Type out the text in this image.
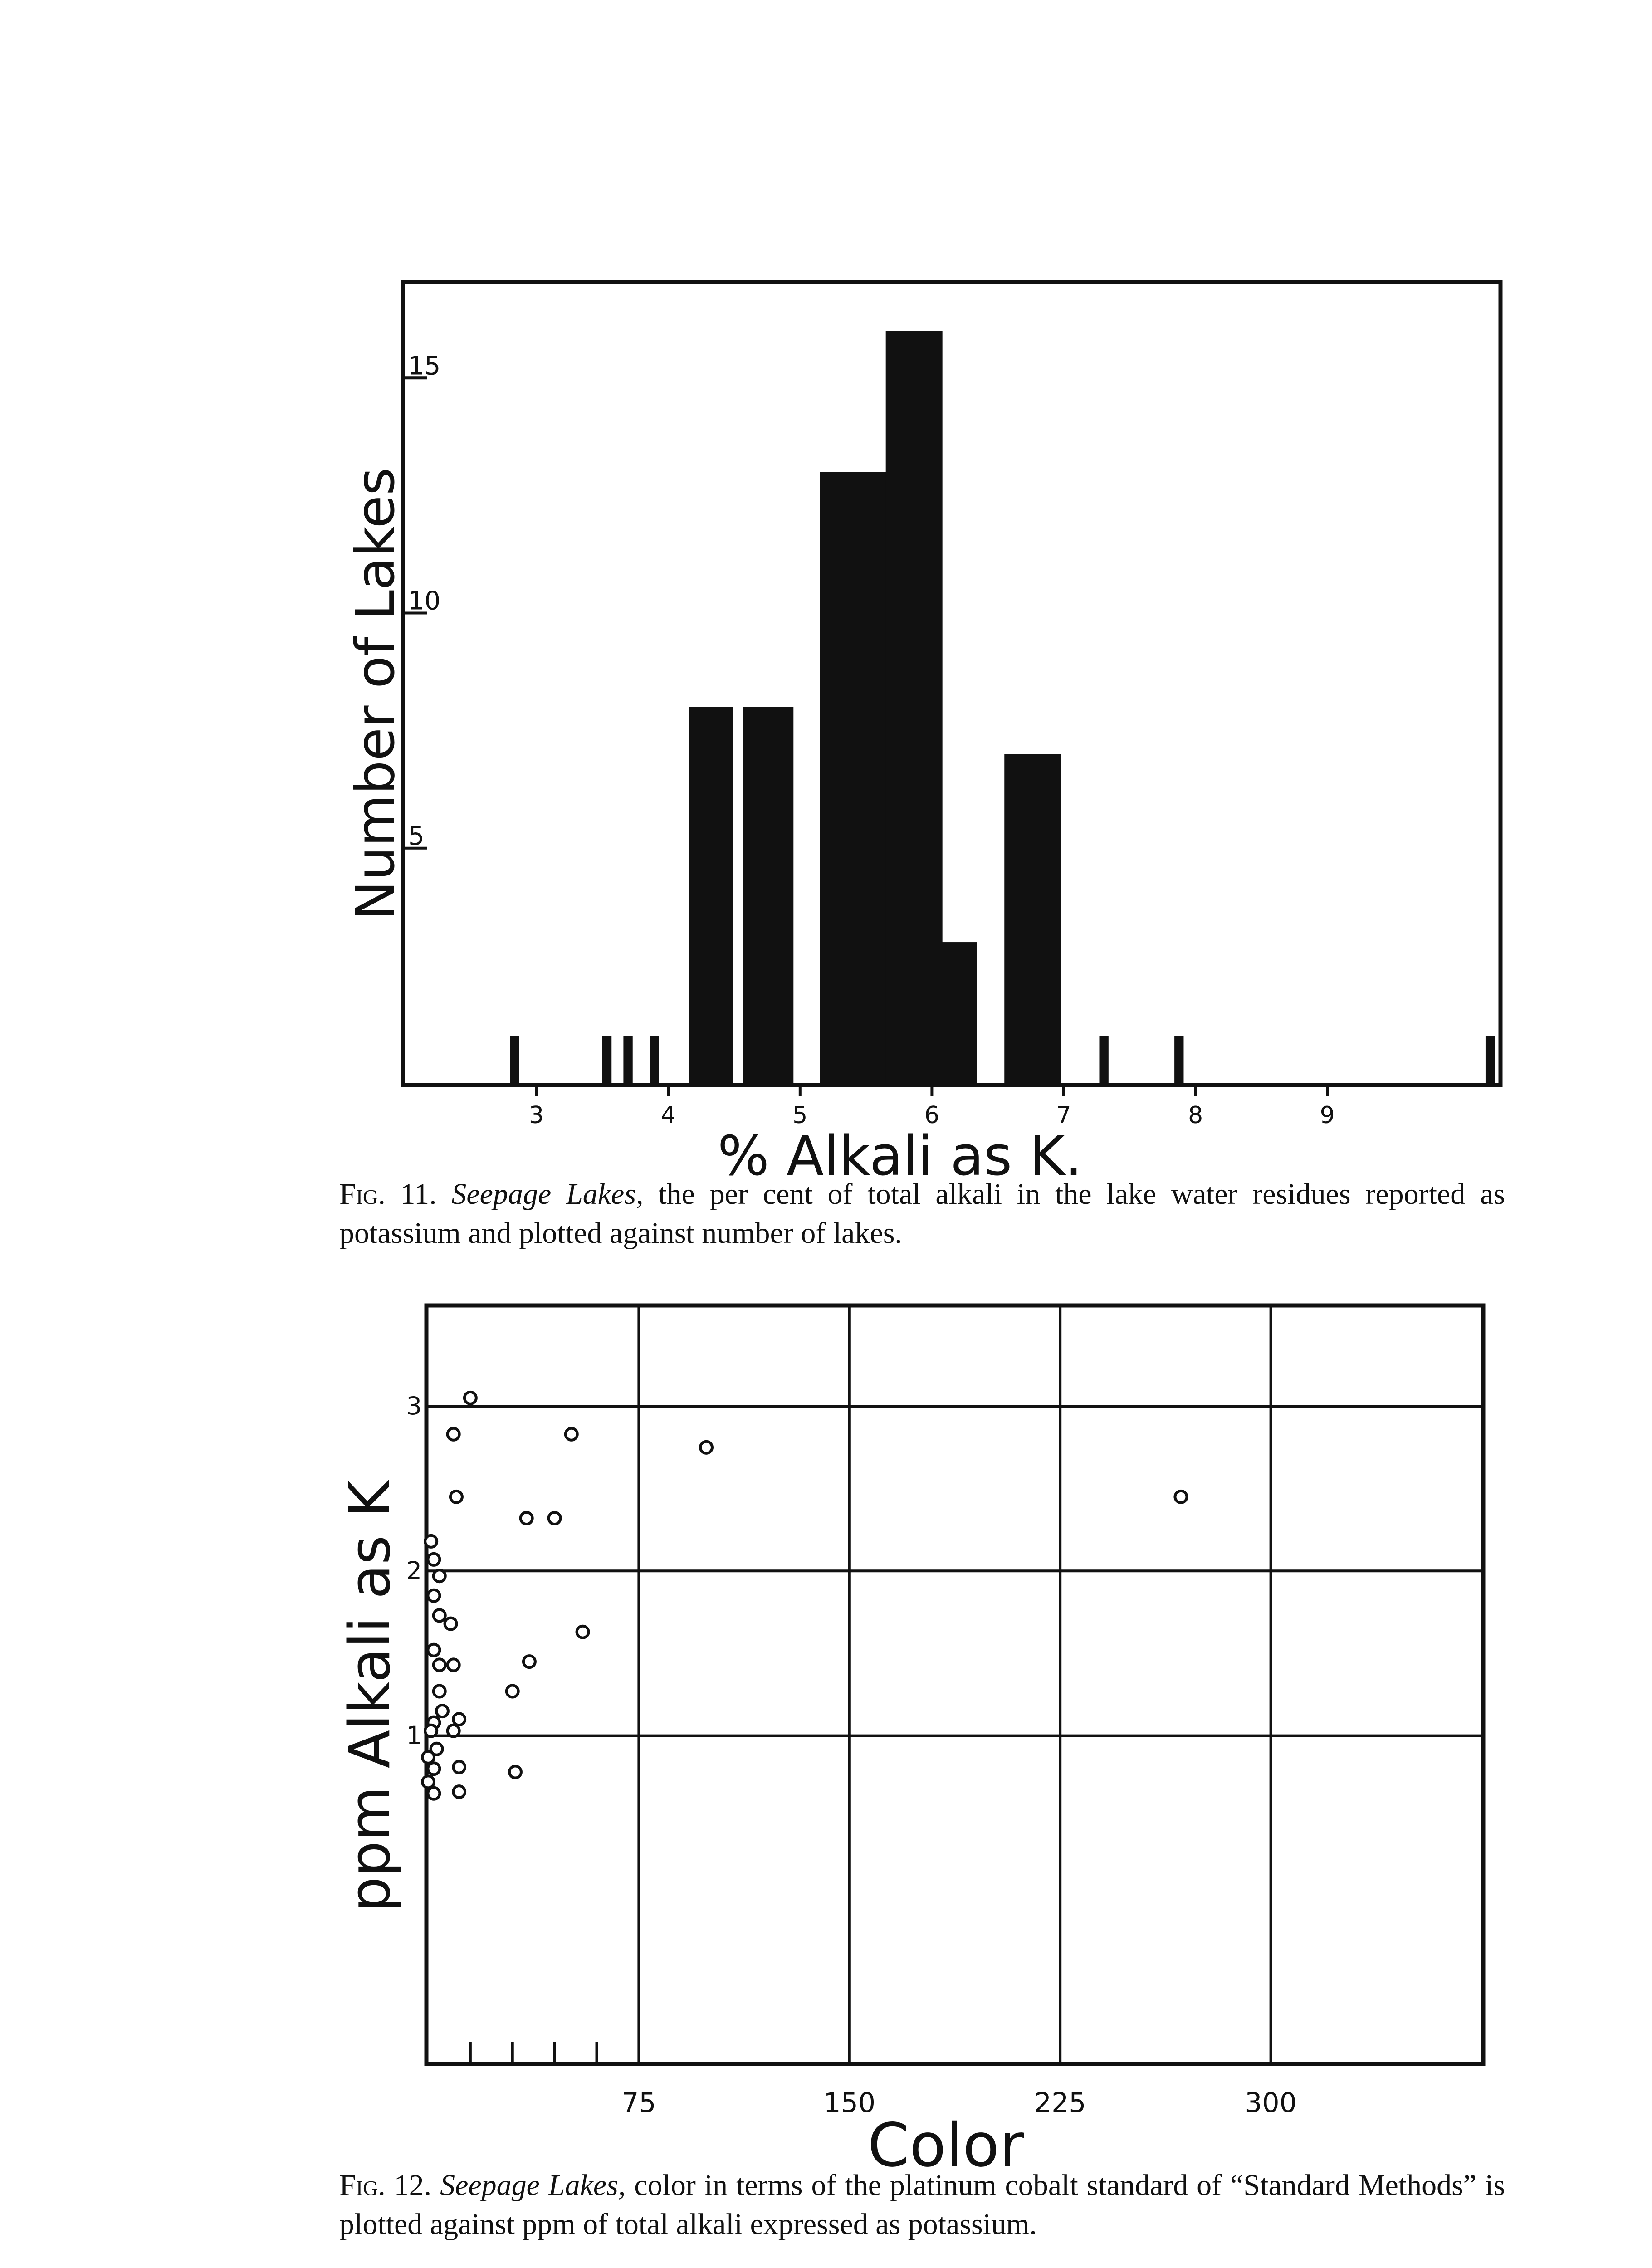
5
10
15
3	4	5	6	7	8	9
Number of Lakes
% Alkali as K.
Fig. 11. Seepage Lakes, the per cent of total alkali in the lake water residues reported as potassium and plotted against number of lakes.
75	150	225	300
1
2
3
ppm Alkali as K
Color
Fig. 12. Seepage Lakes, color in terms of the platinum cobalt standard of “Standard Methods” is plotted against ppm of total alkali expressed as potassium.
